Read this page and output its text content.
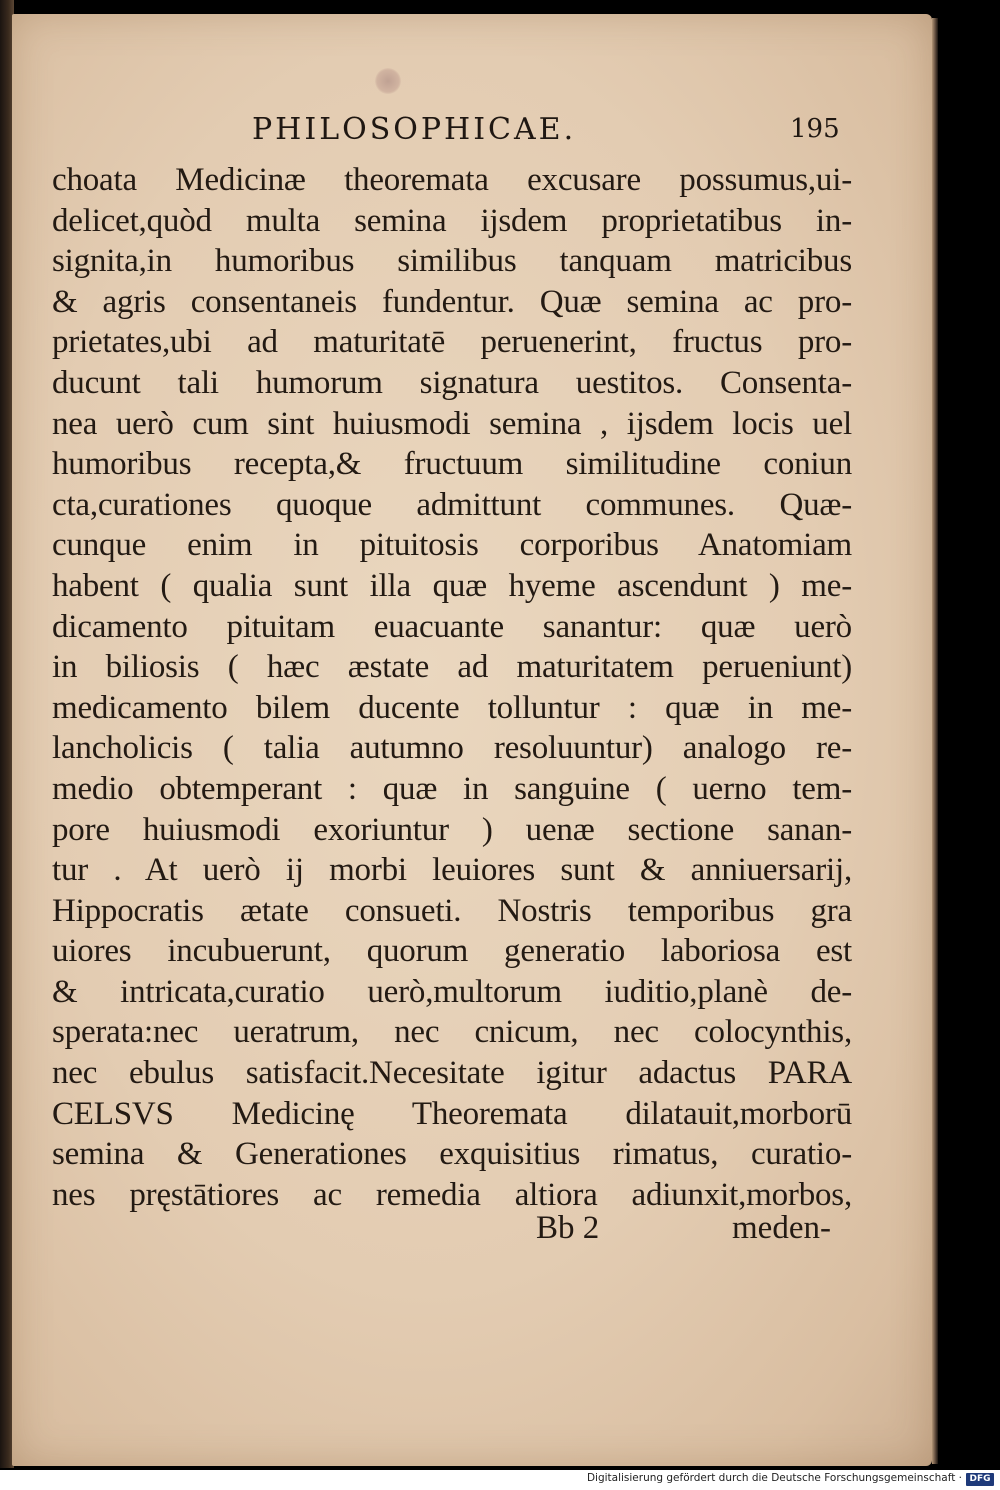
PHILOSOPHICAE.	195
choata Medicinæ theoremata excusare possumus,ui-
delicet,quòd multa semina ijsdem proprietatibus in-
signita,in humoribus similibus tanquam matricibus
& agris consentaneis fundentur. Quæ semina ac pro-
prietates,ubi ad maturitatē peruenerint, fructus pro-
ducunt tali humorum signatura uestitos. Consenta-
nea uerò cum sint huiusmodi semina , ijsdem locis uel
humoribus recepta,& fructuum similitudine coniun
cta,curationes quoque admittunt communes. Quæ-
cunque enim in pituitosis corporibus Anatomiam
habent ( qualia sunt illa quæ hyeme ascendunt ) me-
dicamento pituitam euacuante sanantur: quæ uerò
in biliosis ( hæc æstate ad maturitatem perueniunt)
medicamento bilem ducente tolluntur : quæ in me-
lancholicis ( talia autumno resoluuntur) analogo re-
medio obtemperant : quæ in sanguine ( uerno tem-
pore huiusmodi exoriuntur ) uenæ sectione sanan-
tur . At uerò ij morbi leuiores sunt & anniuersarij,
Hippocratis ætate consueti. Nostris temporibus gra
uiores incubuerunt, quorum generatio laboriosa est
& intricata,curatio uerò,multorum iuditio,planè de-
sperata:nec ueratrum, nec cnicum, nec colocynthis,
nec ebulus satisfacit.Necesitate igitur adactus PARA
CELSVS Medicinę Theoremata dilatauit,morborū
semina & Generationes exquisitius rimatus, curatio-
nes pręstātiores ac remedia altiora adiunxit,morbos,
Bb 2	meden-
Digitalisierung gefördert durch die Deutsche Forschungsgemeinschaft · DFG
